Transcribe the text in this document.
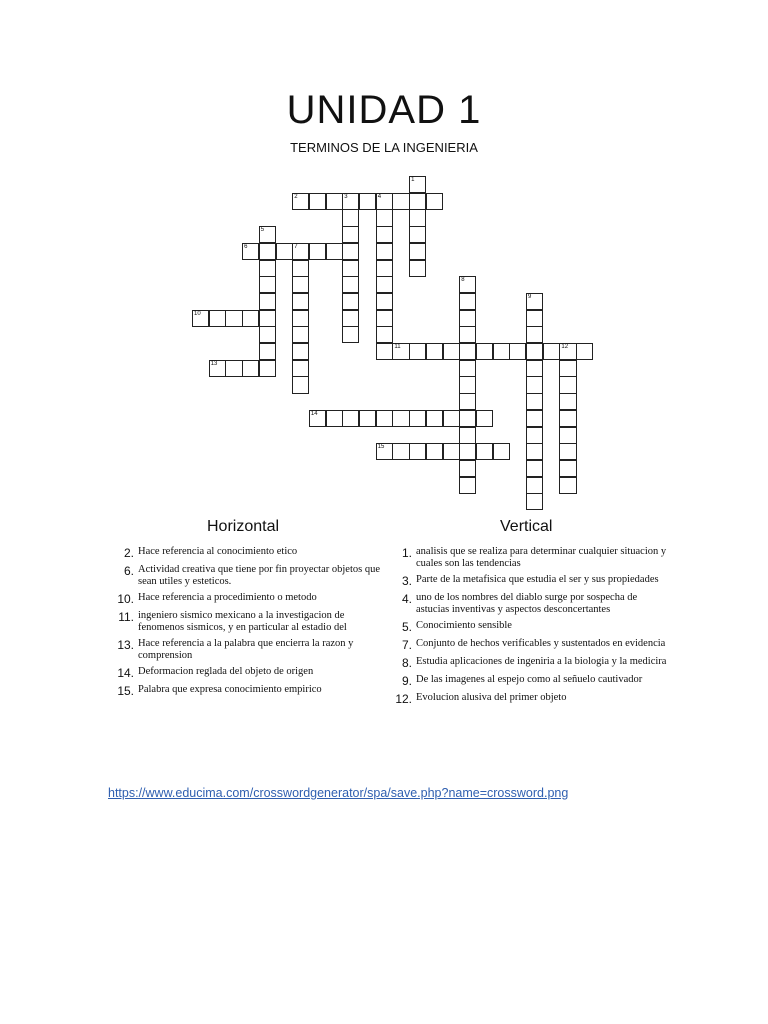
UNIDAD 1
TERMINOS DE LA INGENIERIA
1
2	3	4
5
6	7
8
9
10
11	12
13
14
15
Horizontal	Vertical
2. Hace referencia al conocimiento etico
6. Actividad creativa que tiene por fin proyectar objetos que sean utiles y esteticos.
10. Hace referencia a procedimiento o metodo
11. ingeniero sismico mexicano a la investigacion de fenomenos sismicos, y en particular al estadio del
13. Hace referencia a la palabra que encierra la razon y comprension
14. Deformacion reglada del objeto de origen
15. Palabra que expresa conocimiento empirico
1. analisis que se realiza para determinar cualquier situacion y cuales son las tendencias
3. Parte de la metafisica que estudia el ser y sus propiedades
4. uno de los nombres del diablo surge por sospecha de astucias inventivas y aspectos desconcertantes
5. Conocimiento sensible
7. Conjunto de hechos verificables y sustentados en evidencia
8. Estudia aplicaciones de ingeniria a la biologia y la medicira
9. De las imagenes al espejo como al señuelo cautivador
12. Evolucion alusiva del primer objeto
https://www.educima.com/crosswordgenerator/spa/save.php?name=crossword.png
